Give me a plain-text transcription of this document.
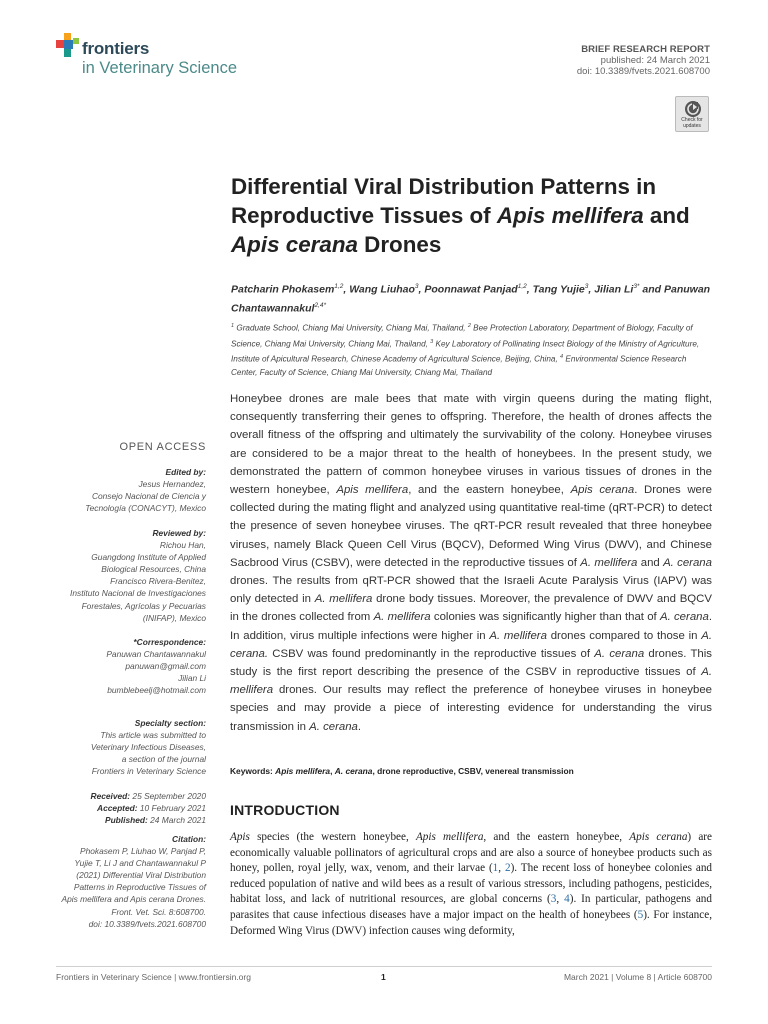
frontiers
in Veterinary Science
BRIEF RESEARCH REPORT
published: 24 March 2021
doi: 10.3389/fvets.2021.608700
Check for updates
Differential Viral Distribution Patterns in Reproductive Tissues of Apis mellifera and Apis cerana Drones
Patcharin Phokasem$^{1,2}$, Wang Liuhao$^3$, Poonnawat Panjad$^{1,2}$, Tang Yujie$^3$, Jilian $Li^{3*}$ and Panuwan Chantawannakul$^{2,4*}$
$^1$ Graduate School, Chiang Mai University, Chiang Mai, Thailand, $^2$ Bee Protection Laboratory, Department of Biology, Faculty of Science, Chiang Mai University, Chiang Mai, Thailand, $^3$ Key Laboratory of Pollinating Insect Biology of the Ministry of Agriculture, Institute of Apicultural Research, Chinese Academy of Agricultural Science, Beijing, China, $^4$ Environmental Science Research Center, Faculty of Science, Chiang Mai University, Chiang Mai, Thailand
Honeybee drones are male bees that mate with virgin queens during the mating flight, consequently transferring their genes to offspring. Therefore, the health of drones affects the overall fitness of the offspring and ultimately the survivability of the colony. Honeybee viruses are considered to be a major threat to the health of honeybees. In the present study, we demonstrated the pattern of common honeybee viruses in various tissues of drones in the western honeybee, Apis mellifera, and the eastern honeybee, Apis cerana. Drones were collected during the mating flight and analyzed using quantitative real-time (qRT-PCR) to detect the presence of seven honeybee viruses. The qRT-PCR result revealed that three honeybee viruses, namely Black Queen Cell Virus (BQCV), Deformed Wing Virus (DWV), and Chinese Sacbrood Virus (CSBV), were detected in the reproductive tissues of A. mellifera and A. cerana drones. The results from qRT-PCR showed that the Israeli Acute Paralysis Virus (IAPV) was only detected in A. mellifera drone body tissues. Moreover, the prevalence of DWV and BQCV in the drones collected from A. mellifera colonies was significantly higher than that of A. cerana. In addition, virus multiple infections were higher in A. mellifera drones compared to those in A. cerana. CSBV was found predominantly in the reproductive tissues of A. cerana drones. This study is the first report describing the presence of the CSBV in reproductive tissues of A. mellifera drones. Our results may reflect the preference of honeybee viruses in honeybee species and may provide a piece of interesting evidence for understanding the virus transmission in A. cerana.
Keywords: Apis mellifera, A. cerana, drone reproductive, CSBV, venereal transmission
INTRODUCTION
Apis species (the western honeybee, Apis mellifera, and the eastern honeybee, Apis cerana) are economically valuable pollinators of agricultural crops and are also a source of honeybee products such as honey, pollen, royal jelly, wax, venom, and their larvae (1, 2). The recent loss of honeybee colonies and reduced population of native and wild bees as a result of various stressors, including pathogens, pesticides, habitat loss, and lack of nutritional resources, are global concerns (3, 4). In particular, pathogens and parasites that cause infectious diseases have a major impact on the health of honeybees (5). For instance, Deformed Wing Virus (DWV) infection causes wing deformity,
OPEN ACCESS
Edited by:
Jesus Hernandez,
Consejo Nacional de Ciencia y
Tecnología (CONACYT), Mexico
Reviewed by:
Richou Han,
Guangdong Institute of Applied
Biological Resources, China
Francisco Rivera-Benitez,
Instituto Nacional de Investigaciones
Forestales, Agrícolas y Pecuarias
(INIFAP), Mexico
*Correspondence:
Panuwan Chantawannakul
panuwan@gmail.com
Jilian Li
bumblebeelj@hotmail.com
Specialty section:
This article was submitted to
Veterinary Infectious Diseases,
a section of the journal
Frontiers in Veterinary Science
Received: 25 September 2020
Accepted: 10 February 2021
Published: 24 March 2021
Citation:
Phokasem P, Liuhao W, Panjad P,
Yujie T, Li J and Chantawannakul P
(2021) Differential Viral Distribution
Patterns in Reproductive Tissues of
Apis mellifera and Apis cerana Drones.
Front. Vet. Sci. 8:608700.
doi: 10.3389/fvets.2021.608700
Frontiers in Veterinary Science | www.frontiersin.org	1	March 2021 | Volume 8 | Article 608700
